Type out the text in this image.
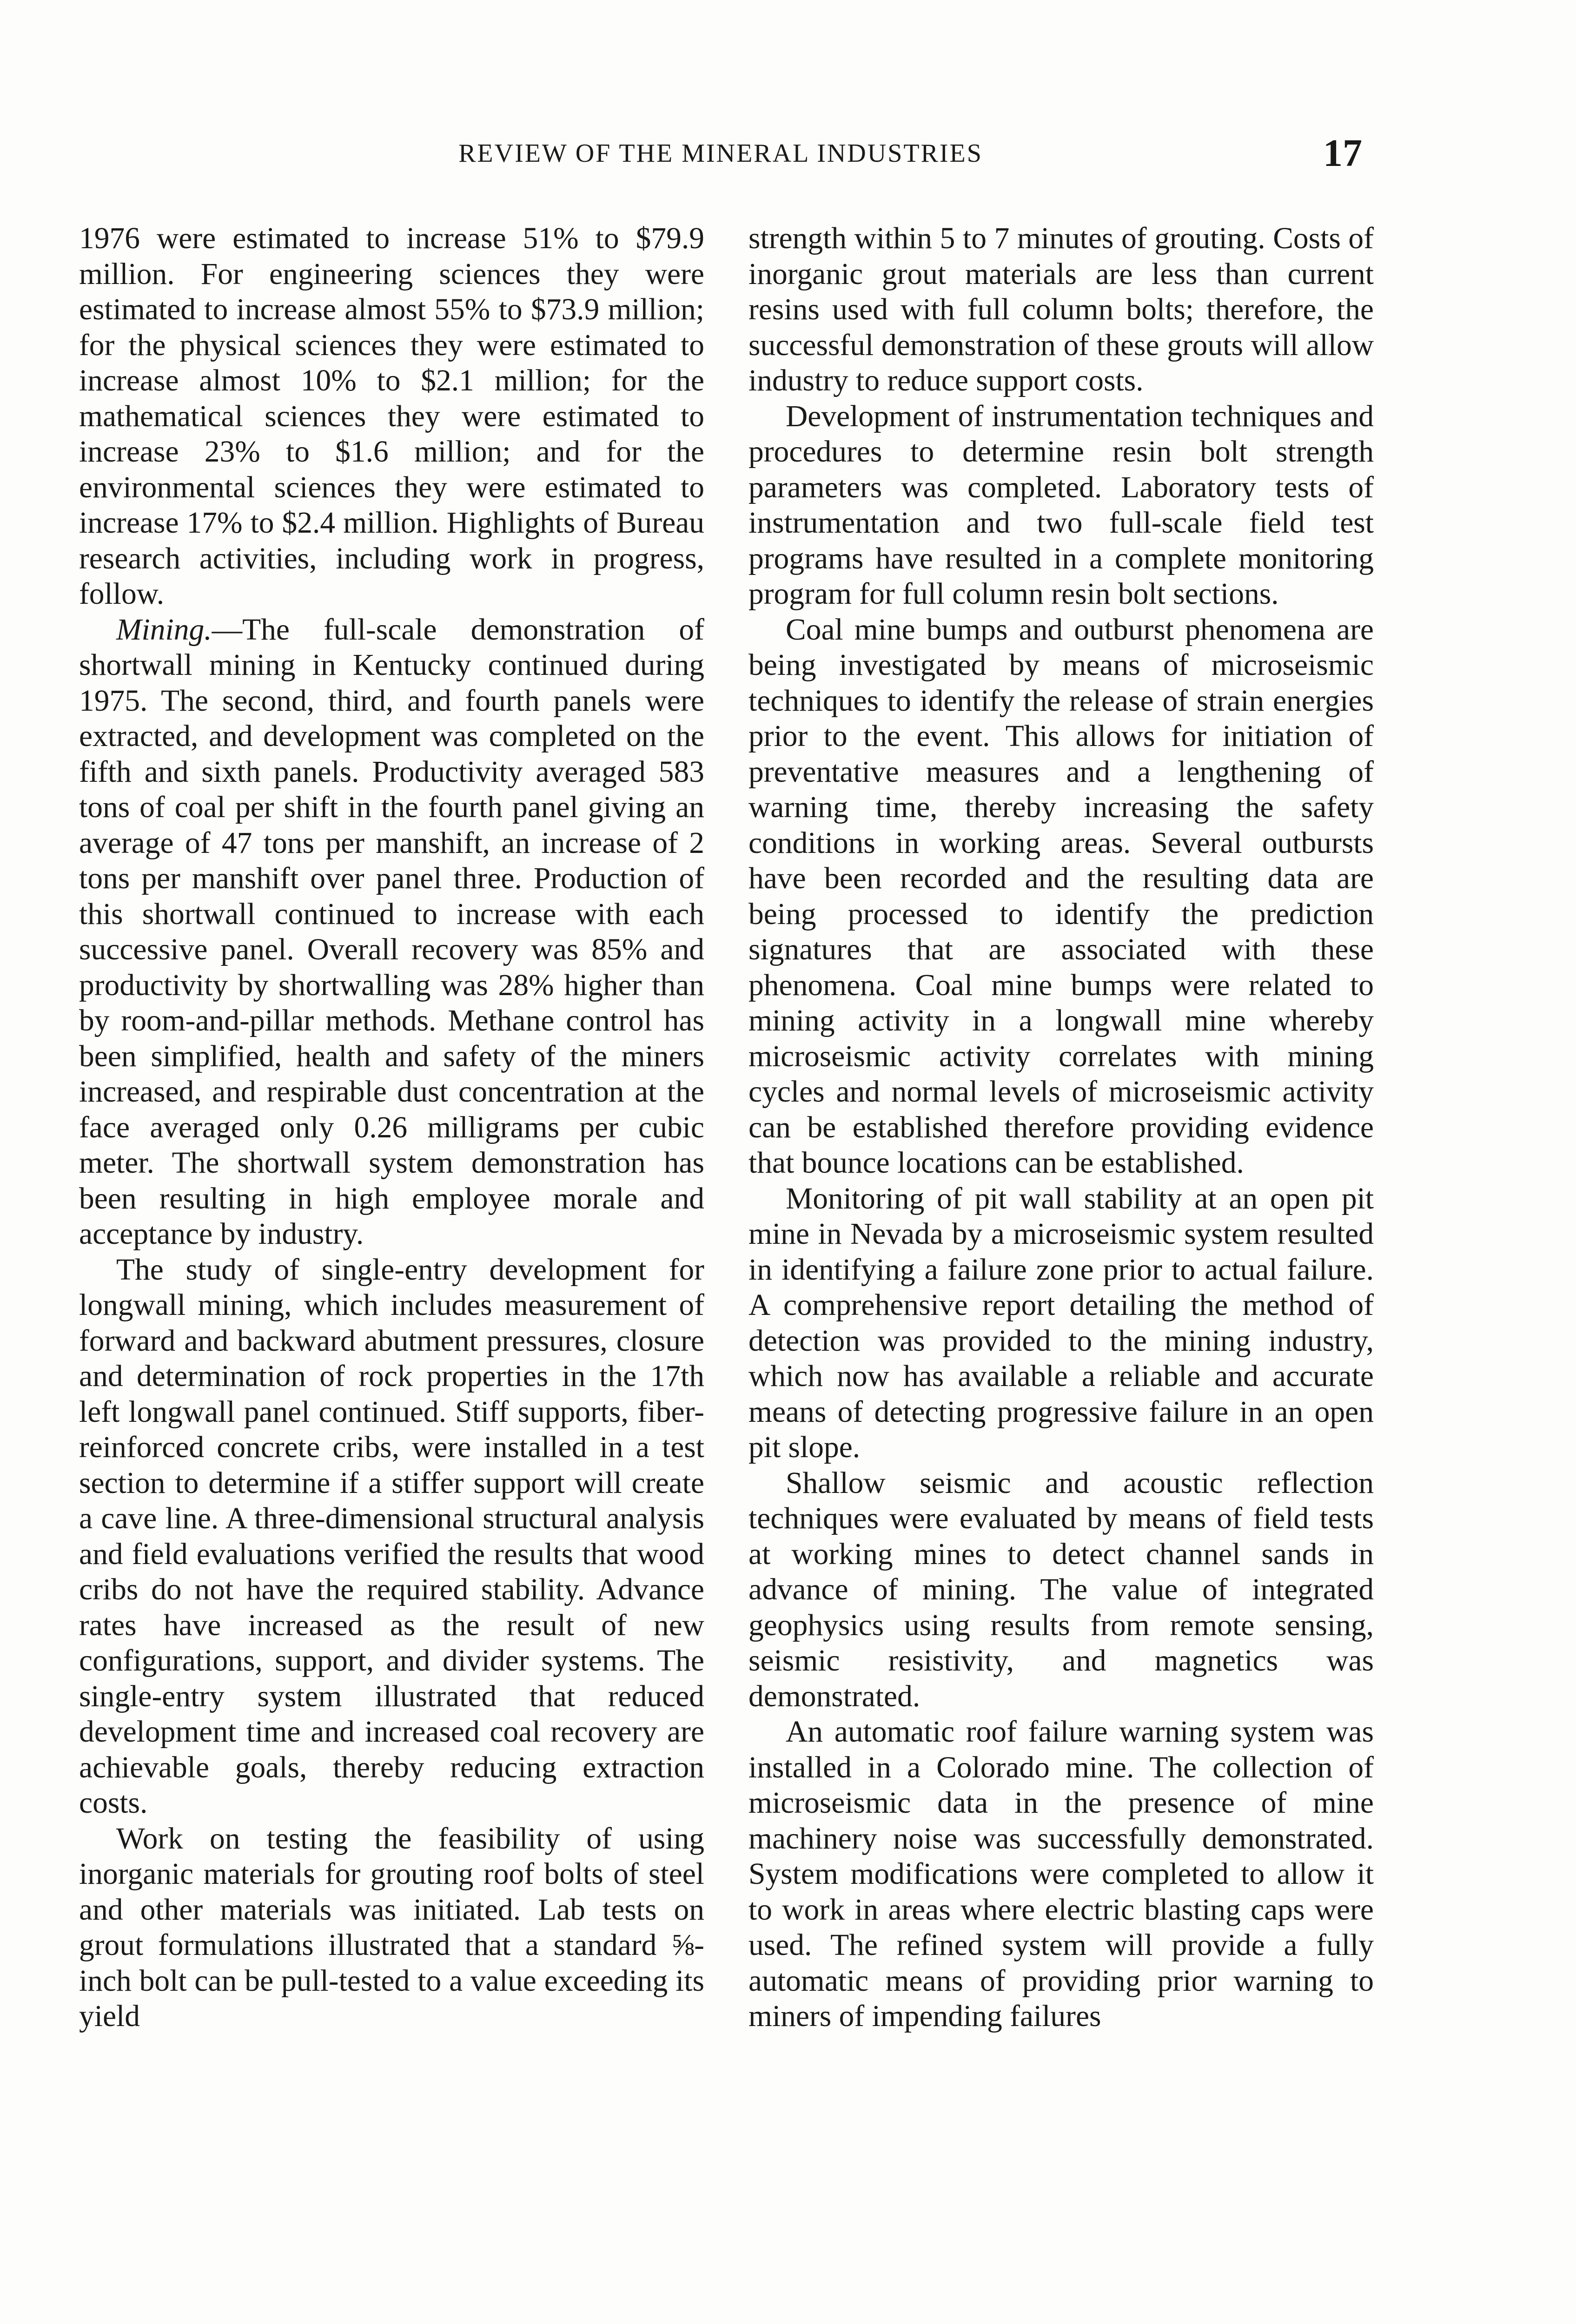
REVIEW OF THE MINERAL INDUSTRIES	17

1976 were estimated to increase 51% to $79.9 million. For engineering sciences they were estimated to increase almost 55% to $73.9 million; for the physical sciences they were estimated to increase almost 10% to $2.1 million; for the mathematical sciences they were estimated to increase 23% to $1.6 million; and for the environmental sciences they were estimated to increase 17% to $2.4 million. Highlights of Bureau research activities, including work in progress, follow.

Mining.—The full-scale demonstration of shortwall mining in Kentucky continued during 1975. The second, third, and fourth panels were extracted, and development was completed on the fifth and sixth panels. Productivity averaged 583 tons of coal per shift in the fourth panel giving an average of 47 tons per manshift, an increase of 2 tons per manshift over panel three. Production of this shortwall continued to increase with each successive panel. Overall recovery was 85% and productivity by shortwalling was 28% higher than by room-and-pillar methods. Methane control has been simplified, health and safety of the miners increased, and respirable dust concentration at the face averaged only 0.26 milligrams per cubic meter. The shortwall system demonstration has been resulting in high employee morale and acceptance by industry.

The study of single-entry development for longwall mining, which includes measurement of forward and backward abutment pressures, closure and determination of rock properties in the 17th left longwall panel continued. Stiff supports, fiber-reinforced concrete cribs, were installed in a test section to determine if a stiffer support will create a cave line. A three-dimensional structural analysis and field evaluations verified the results that wood cribs do not have the required stability. Advance rates have increased as the result of new configurations, support, and divider systems. The single-entry system illustrated that reduced development time and increased coal recovery are achievable goals, thereby reducing extraction costs.

Work on testing the feasibility of using inorganic materials for grouting roof bolts of steel and other materials was initiated. Lab tests on grout formulations illustrated that a standard ⅝-inch bolt can be pull-tested to a value exceeding its yield

strength within 5 to 7 minutes of grouting. Costs of inorganic grout materials are less than current resins used with full column bolts; therefore, the successful demonstration of these grouts will allow industry to reduce support costs.

Development of instrumentation techniques and procedures to determine resin bolt strength parameters was completed. Laboratory tests of instrumentation and two full-scale field test programs have resulted in a complete monitoring program for full column resin bolt sections.

Coal mine bumps and outburst phenomena are being investigated by means of microseismic techniques to identify the release of strain energies prior to the event. This allows for initiation of preventative measures and a lengthening of warning time, thereby increasing the safety conditions in working areas. Several outbursts have been recorded and the resulting data are being processed to identify the prediction signatures that are associated with these phenomena. Coal mine bumps were related to mining activity in a longwall mine whereby microseismic activity correlates with mining cycles and normal levels of microseismic activity can be established therefore providing evidence that bounce locations can be established.

Monitoring of pit wall stability at an open pit mine in Nevada by a microseismic system resulted in identifying a failure zone prior to actual failure. A comprehensive report detailing the method of detection was provided to the mining industry, which now has available a reliable and accurate means of detecting progressive failure in an open pit slope.

Shallow seismic and acoustic reflection techniques were evaluated by means of field tests at working mines to detect channel sands in advance of mining. The value of integrated geophysics using results from remote sensing, seismic resistivity, and magnetics was demonstrated.

An automatic roof failure warning system was installed in a Colorado mine. The collection of microseismic data in the presence of mine machinery noise was successfully demonstrated. System modifications were completed to allow it to work in areas where electric blasting caps were used. The refined system will provide a fully automatic means of providing prior warning to miners of impending failures
